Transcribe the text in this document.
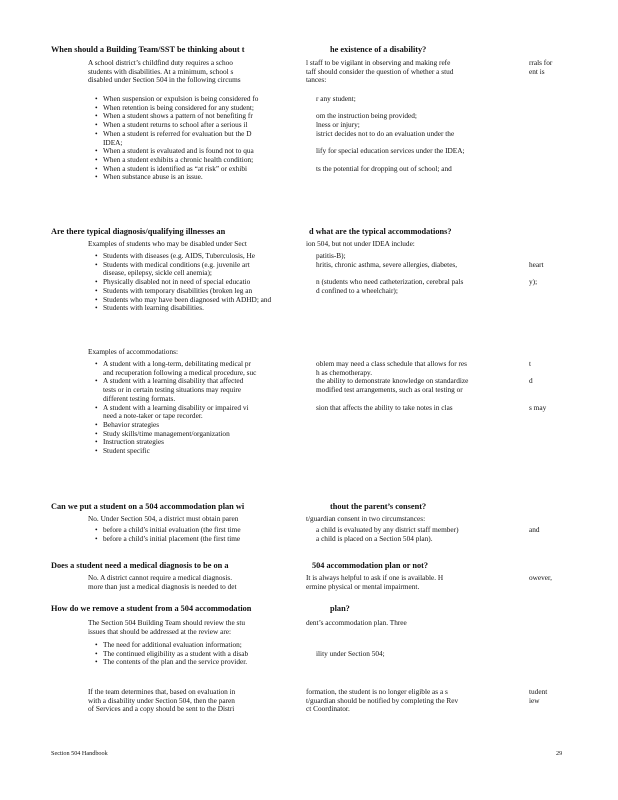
When should a Building Team/SST be thinking about t	he existence of a disability?
A school district’s childfind duty requires a schoo	l staff to be vigilant in observing and making refe	rrals for
students with disabilities. At a minimum, school s	taff should consider the question of whether a stud	ent is
disabled under Section 504 in the following circums	tances:
• When suspension or expulsion is being considered fo	r any student;
• When retention is being considered for any student;
• When a student shows a pattern of not benefiting fr	om the instruction being provided;
• When a student returns to school after a serious il	lness or injury;
• When a student is referred for evaluation but the D	istrict decides not to do an evaluation under the
IDEA;
• When a student is evaluated and is found not to qua	lify for special education services under the IDEA;
• When a student exhibits a chronic health condition;
• When a student is identified as “at risk” or exhibi	ts the potential for dropping out of school; and
• When substance abuse is an issue.
Are there typical diagnosis/qualifying illnesses an	d what are the typical accommodations?
Examples of students who may be disabled under Sect	ion 504, but not under IDEA include:
• Students with diseases (e.g. AIDS, Tuberculosis, He	patitis-B);
• Students with medical conditions (e.g. juvenile art	hritis, chronic asthma, severe allergies, diabetes,	heart
disease, epilepsy, sickle cell anemia);
• Physically disabled not in need of special educatio	n (students who need catheterization, cerebral pals	y);
• Students with temporary disabilities (broken leg an	d confined to a wheelchair);
• Students who may have been diagnosed with ADHD; and
• Students with learning disabilities.
Examples of accommodations:
• A student with a long-term, debilitating medical pr	oblem may need a class schedule that allows for res	t
and recuperation following a medical procedure, suc	h as chemotherapy.
• A student with a learning disability that affected	the ability to demonstrate knowledge on standardize	d
tests or in certain testing situations may require	modified test arrangements, such as oral testing or
different testing formats.
• A student with a learning disability or impaired vi	sion that affects the ability to take notes in clas	s may
need a note-taker or tape recorder.
• Behavior strategies
• Study skills/time management/organization
• Instruction strategies
• Student specific
Can we put a student on a 504 accommodation plan wi	thout the parent’s consent?
No. Under Section 504, a district must obtain paren	t/guardian consent in two circumstances:
• before a child’s initial evaluation (the first time	a child is evaluated by any district staff member)	and
• before a child’s initial placement (the first time	a child is placed on a Section 504 plan).
Does a student need a medical diagnosis to be on a	504 accommodation plan or not?
No. A district cannot require a medical diagnosis.	It is always helpful to ask if one is available. H	owever,
more than just a medical diagnosis is needed to det	ermine physical or mental impairment.
How do we remove a student from a 504 accommodation	plan?
The Section 504 Building Team should review the stu	dent’s accommodation plan. Three
issues that should be addressed at the review are:
• The need for additional evaluation information;
• The continued eligibility as a student with a disab	ility under Section 504;
• The contents of the plan and the service provider.
If the team determines that, based on evaluation in	formation, the student is no longer eligible as a s	tudent
with a disability under Section 504, then the paren	t/guardian should be notified by completing the Rev	iew
of Services and a copy should be sent to the Distri	ct Coordinator.
Section 504 Handbook	29
